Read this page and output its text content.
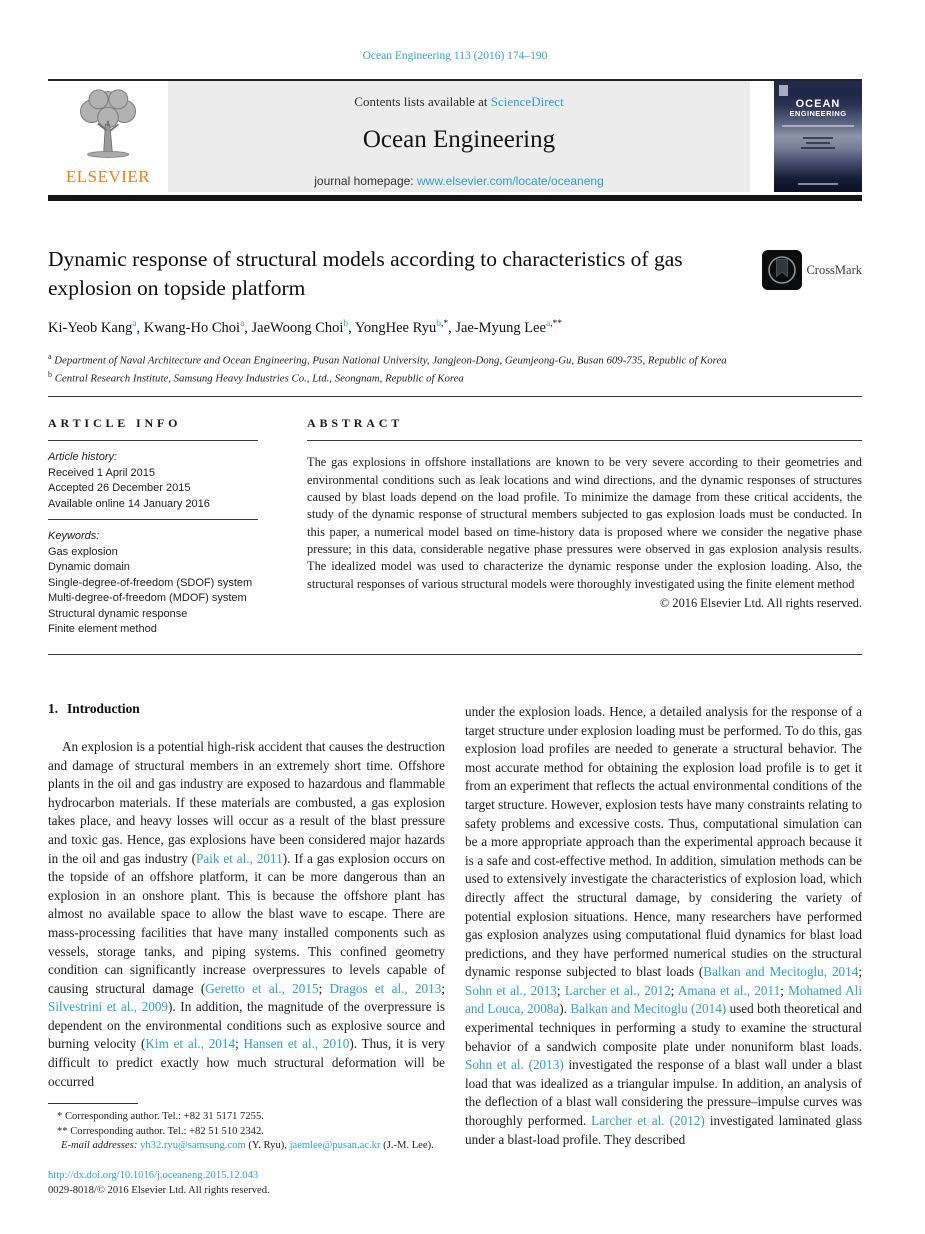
Ocean Engineering 113 (2016) 174–190
ELSEVIER
Contents lists available at ScienceDirect
Ocean Engineering
journal homepage: www.elsevier.com/locate/oceaneng
OCEAN
ENGINEERING
Dynamic response of structural models according to characteristics of gas explosion on topside platform
CrossMark
Ki-Yeob Kang$^a$, Kwang-Ho Choi$^a$, JaeWoong Choi$^b$, YongHee Ryu$^{b,*}$, Jae-Myung Lee$^{a,**}$
$^a$ Department of Naval Architecture and Ocean Engineering, Pusan National University, Jangjeon-Dong, Geumjeong-Gu, Busan 609-735, Republic of Korea
$^b$ Central Research Institute, Samsung Heavy Industries Co., Ltd., Seongnam, Republic of Korea
ARTICLE INFO
Article history:
Received 1 April 2015
Accepted 26 December 2015
Available online 14 January 2016
Keywords:
Gas explosion
Dynamic domain
Single-degree-of-freedom (SDOF) system
Multi-degree-of-freedom (MDOF) system
Structural dynamic response
Finite element method
ABSTRACT
The gas explosions in offshore installations are known to be very severe according to their geometries and environmental conditions such as leak locations and wind directions, and the dynamic responses of structures caused by blast loads depend on the load profile. To minimize the damage from these critical accidents, the study of the dynamic response of structural members subjected to gas explosion loads must be conducted. In this paper, a numerical model based on time-history data is proposed where we consider the negative phase pressure; in this data, considerable negative phase pressures were observed in gas explosion analysis results. The idealized model was used to characterize the dynamic response under the explosion loading. Also, the structural responses of various structural models were thoroughly investigated using the finite element method
© 2016 Elsevier Ltd. All rights reserved.
1. Introduction
An explosion is a potential high-risk accident that causes the destruction and damage of structural members in an extremely short time. Offshore plants in the oil and gas industry are exposed to hazardous and flammable hydrocarbon materials. If these materials are combusted, a gas explosion takes place, and heavy losses will occur as a result of the blast pressure and toxic gas. Hence, gas explosions have been considered major hazards in the oil and gas industry (Paik et al., 2011). If a gas explosion occurs on the topside of an offshore platform, it can be more dangerous than an explosion in an onshore plant. This is because the offshore plant has almost no available space to allow the blast wave to escape. There are mass-processing facilities that have many installed components such as vessels, storage tanks, and piping systems. This confined geometry condition can significantly increase overpressures to levels capable of causing structural damage (Geretto et al., 2015; Dragos et al., 2013; Silvestrini et al., 2009). In addition, the magnitude of the overpressure is dependent on the environmental conditions such as explosive source and burning velocity (Kim et al., 2014; Hansen et al., 2010). Thus, it is very difficult to predict exactly how much structural deformation will be occurred
* Corresponding author. Tel.: +82 31 5171 7255.
** Corresponding author. Tel.: +82 51 510 2342.
E-mail addresses: yh32.ryu@samsung.com (Y. Ryu), jaemlee@pusan.ac.kr (J.-M. Lee).
http://dx.doi.org/10.1016/j.oceaneng.2015.12.043
0029-8018/© 2016 Elsevier Ltd. All rights reserved.
under the explosion loads. Hence, a detailed analysis for the response of a target structure under explosion loading must be performed. To do this, gas explosion load profiles are needed to generate a structural behavior. The most accurate method for obtaining the explosion load profile is to get it from an experiment that reflects the actual environmental conditions of the target structure. However, explosion tests have many constraints relating to safety problems and excessive costs. Thus, computational simulation can be a more appropriate approach than the experimental approach because it is a safe and cost-effective method. In addition, simulation methods can be used to extensively investigate the characteristics of explosion load, which directly affect the structural damage, by considering the variety of potential explosion situations. Hence, many researchers have performed gas explosion analyzes using computational fluid dynamics for blast load predictions, and they have performed numerical studies on the structural dynamic response subjected to blast loads (Balkan and Mecitoglu, 2014; Sohn et al., 2013; Larcher et al., 2012; Amana et al., 2011; Mohamed Ali and Louca, 2008a). Balkan and Mecitoglu (2014) used both theoretical and experimental techniques in performing a study to examine the structural behavior of a sandwich composite plate under nonuniform blast loads. Sohn et al. (2013) investigated the response of a blast wall under a blast load that was idealized as a triangular impulse. In addition, an analysis of the deflection of a blast wall considering the pressure–impulse curves was thoroughly performed. Larcher et al. (2012) investigated laminated glass under a blast-load profile. They described
